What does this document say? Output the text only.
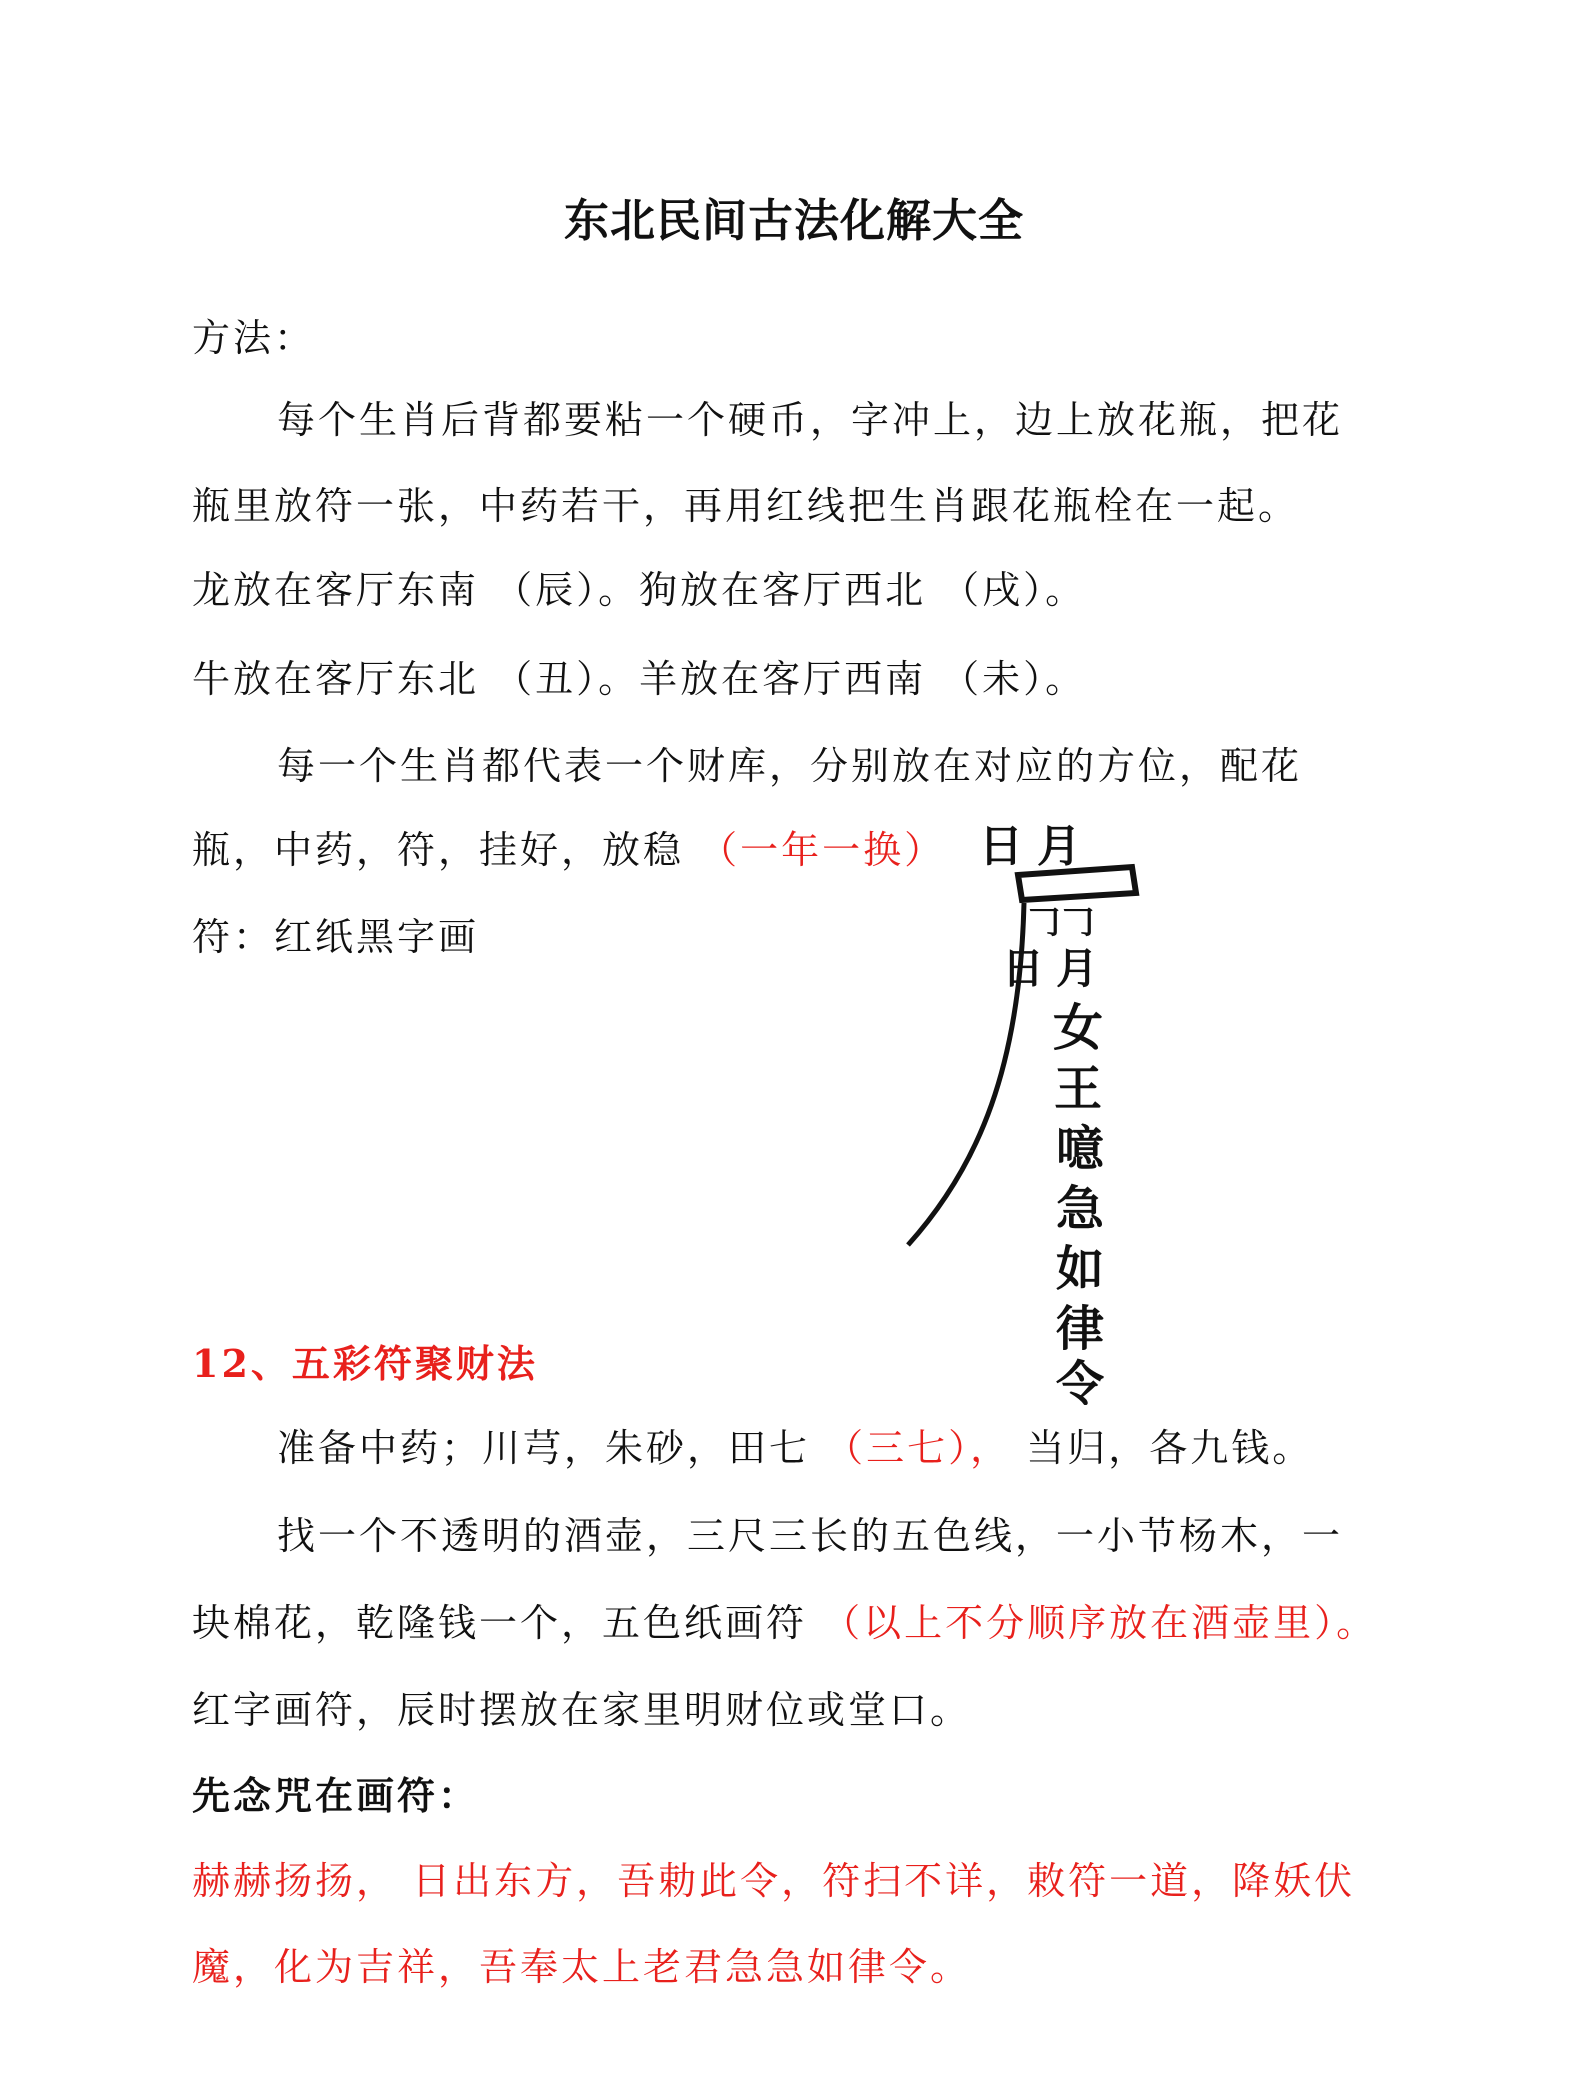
东北民间古法化解大全
方法：
每个生肖后背都要粘一个硬币，字冲上，边上放花瓶，把花
瓶里放符一张，中药若干，再用红线把生肖跟花瓶栓在一起。
龙放在客厅东南 （辰）。狗放在客厅西北 （戌）。
牛放在客厅东北 （丑）。羊放在客厅西南 （未）。
每一个生肖都代表一个财库，分别放在对应的方位，配花
瓶，中药，符，挂好，放稳 （一年一换）
符：红纸黑字画
12、五彩符聚财法
准备中药；川芎，朱砂，田七 （三七）， 当归，各九钱。
找一个不透明的酒壶，三尺三长的五色线，一小节杨木，一
块棉花，乾隆钱一个，五色纸画符 （以上不分顺序放在酒壶里）。
红字画符，辰时摆放在家里明财位或堂口。
先念咒在画符：
赫赫扬扬， 日出东方，吾勅此令，符扫不详，敕符一道，降妖伏
魔，化为吉祥，吾奉太上老君急急如律令。
日 月
𠃌𠃌
日 月
女
王
噫
急
如
律
令
